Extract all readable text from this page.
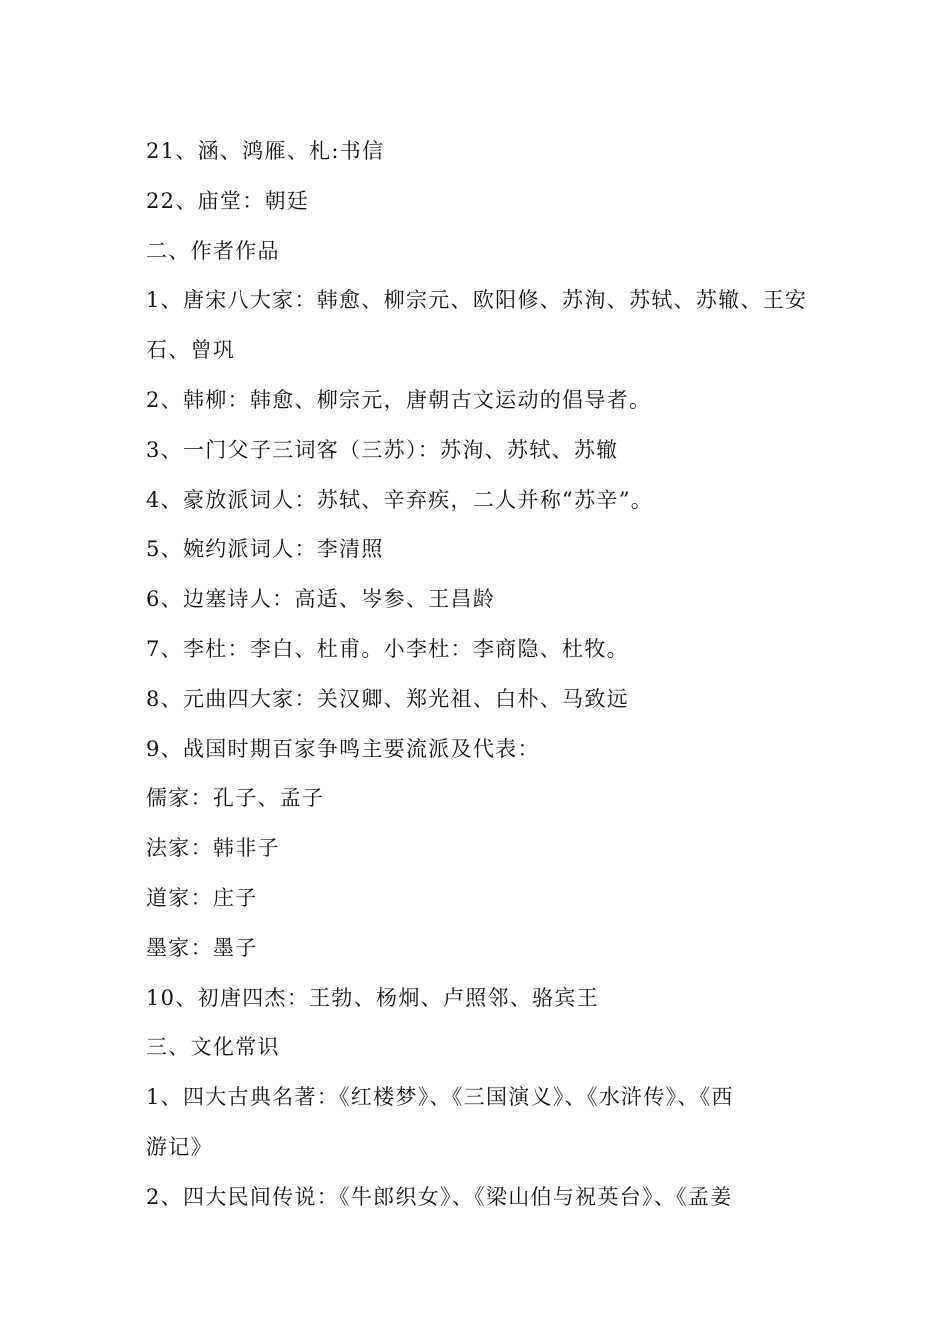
21、涵、鸿雁、札:书信
22、庙堂：朝廷
二、作者作品
1、唐宋八大家：韩愈、柳宗元、欧阳修、苏洵、苏轼、苏辙、王安
石、曾巩
2、韩柳：韩愈、柳宗元，唐朝古文运动的倡导者。
3、一门父子三词客（三苏）：苏洵、苏轼、苏辙
4、豪放派词人：苏轼、辛弃疾，二人并称“苏辛”。
5、婉约派词人：李清照
6、边塞诗人：高适、岑参、王昌龄
7、李杜：李白、杜甫。小李杜：李商隐、杜牧。
8、元曲四大家：关汉卿、郑光祖、白朴、马致远
9、战国时期百家争鸣主要流派及代表：
儒家：孔子、孟子
法家：韩非子
道家：庄子
墨家：墨子
10、初唐四杰：王勃、杨炯、卢照邻、骆宾王
三、文化常识
1、四大古典名著：《红楼梦》、《三国演义》、《水浒传》、《西
游记》
2、四大民间传说：《牛郎织女》、《梁山伯与祝英台》、《孟姜
